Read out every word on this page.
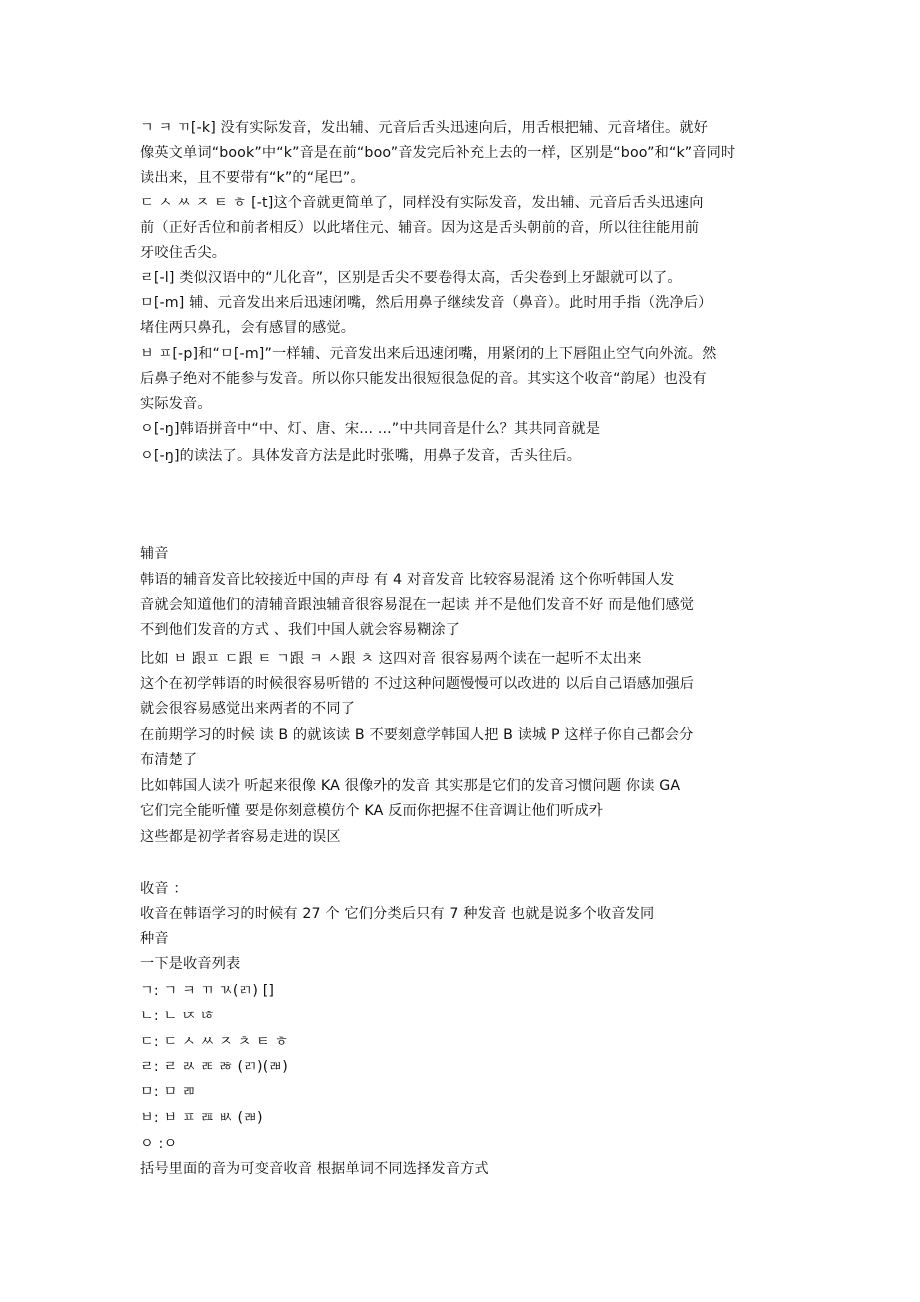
ㄱ ㅋ ㄲ[-k] 没有实际发音，发出辅、元音后舌头迅速向后，用舌根把辅、元音堵住。就好
像英文单词“book”中“k”音是在前“boo”音发完后补充上去的一样，区别是“boo”和“k”音同时
读出来，且不要带有“k”的“尾巴”。
ㄷ ㅅ ㅆ ㅈ ㅌ ㅎ [-t]这个音就更简单了，同样没有实际发音，发出辅、元音后舌头迅速向
前（正好舌位和前者相反）以此堵住元、辅音。因为这是舌头朝前的音，所以往往能用前
牙咬住舌尖。
ㄹ[-l] 类似汉语中的“儿化音”，区别是舌尖不要卷得太高，舌尖卷到上牙龈就可以了。
ㅁ[-m] 辅、元音发出来后迅速闭嘴，然后用鼻子继续发音（鼻音）。此时用手指（洗净后）
堵住两只鼻孔，会有感冒的感觉。
ㅂ ㅍ[-p]和“ㅁ[-m]”一样辅、元音发出来后迅速闭嘴，用紧闭的上下唇阻止空气向外流。然
后鼻子绝对不能参与发音。所以你只能发出很短很急促的音。其实这个收音“韵尾）也没有
实际发音。
ㅇ[-ŋ]韩语拼音中“中、灯、唐、宋... ...”中共同音是什么？其共同音就是
ㅇ[-ŋ]的读法了。具体发音方法是此时张嘴，用鼻子发音，舌头往后。
辅音
韩语的辅音发音比较接近中国的声母 有 4 对音发音 比较容易混淆 这个你听韩国人发
音就会知道他们的清辅音跟浊辅音很容易混在一起读 并不是他们发音不好 而是他们感觉
不到他们发音的方式 、我们中国人就会容易糊涂了
比如 ㅂ 跟ㅍ ㄷ跟 ㅌ ㄱ跟 ㅋ ㅅ跟 ㅊ 这四对音 很容易两个读在一起听不太出来
这个在初学韩语的时候很容易听错的 不过这种问题慢慢可以改进的 以后自己语感加强后
就会很容易感觉出来两者的不同了
在前期学习的时候 读 B 的就该读 B 不要刻意学韩国人把 B 读城 P 这样子你自己都会分
布清楚了
比如韩国人读가 听起来很像 KA 很像카的发音 其实那是它们的发音习惯问题 你读 GA
它们完全能听懂 要是你刻意模仿个 KA 反而你把握不住音调让他们听成카
这些都是初学者容易走进的误区
收音 ：
收音在韩语学习的时候有 27 个 它们分类后只有 7 种发音 也就是说多个收音发同
种音
一下是收音列表
ㄱ: ㄱ ㅋ ㄲ ㄳ(ㄺ) []
ㄴ: ㄴ ㄵ ㄶ
ㄷ: ㄷ ㅅ ㅆ ㅈ ㅊ ㅌ ㅎ
ㄹ: ㄹ ㄽ ㄾ ㅀ (ㄺ)(ㄼ)
ㅁ: ㅁ ㄻ
ㅂ: ㅂ ㅍ ㄿ ㅄ (ㄼ)
ㅇ :ㅇ
括号里面的音为可变音收音 根据单词不同选择发音方式
